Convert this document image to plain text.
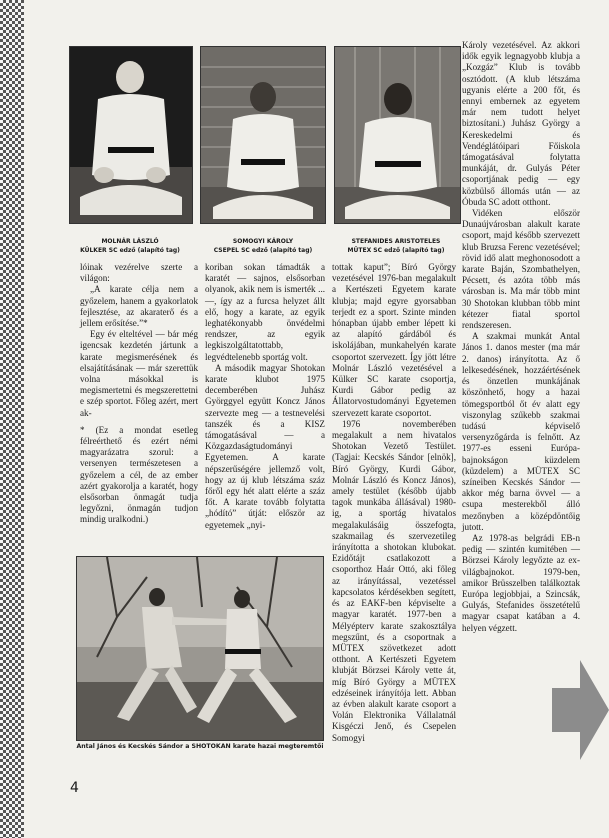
MOLNÁR LÁSZLÓ
KÜLKER SC edző (alapító tag)
SOMOGYI KÁROLY
CSEPEL SC edző (alapító tag)
STEFANIDES ARISTOTELES
MÜTEX SC edző (alapító tag)

lóinak vezérelve szerte a világon:

„A karate célja nem a győzelem, hanem a gyakorlatok fejlesztése, az akaraterő és a jellem erősítése.”*

Egy év elteltével — bár még igencsak kezdetén jártunk a karate megismerésének és elsajátításának — már szerettük volna másokkal is megismertetni és megszerettetni e szép sportot. Főleg azért, mert ak-

* (Ez a mondat esetleg félreérthető és ezért némi magyarázatra szorul: a versenyen természetesen a győzelem a cél, de az ember azért gyakorolja a karatét, hogy elsősorban önmagát tudja legyőzni, önmagán tudjon mindig uralkodni.)

koriban sokan támadták a karatét — sajnos, elsősorban olyanok, akik nem is ismerték ... —, így az a furcsa helyzet állt elő, hogy a karate, az egyik leghatékonyabb önvédelmi rendszer, az egyik legkiszolgáltatottabb, legvédtelenebb sportág volt.

A második magyar Shotokan karate klubot 1975 decemberében Juhász Györggyel együtt Koncz János szervezte meg — a testnevelési tanszék és a KISZ támogatásával — a Közgazdaságtudományi Egyetemen. A karate népszerűségére jellemző volt, hogy az új klub létszáma száz főről egy hét alatt elérte a száz főt. A karate tovább folytatta „hódító” útját: először az egyetemek „nyi-

Antal János és Kecskés Sándor a SHOTOKAN karate hazai megteremtői

tottak kaput”; Bíró György vezetésével 1976-ban megalakult a Kertészeti Egyetem karate klubja; majd egyre gyorsabban terjedt ez a sport. Szinte minden hónapban újabb ember lépett ki az alapító gárdából és iskolájában, munkahelyén karate csoportot szervezett. Így jött létre Molnár László vezetésével a Külker SC karate csoportja, Kurdi Gábor pedig az Állatorvostudományi Egyetemen szervezett karate csoportot.

1976 novemberében megalakult a nem hivatalos Shotokan Vezető Testület. (Tagjai: Kecskés Sándor [elnök], Bíró György, Kurdi Gábor, Molnár László és Koncz János), amely testület (később újabb tagok munkába állásával) 1980-ig, a sportág hivatalos megalakulásáig összefogta, szakmailag és szervezetileg irányította a shotokan klubokat. Ezidőtájt csatlakozott a csoporthoz Haár Ottó, aki főleg az irányítással, vezetéssel kapcsolatos kérdésekben segített, és az EAKF-ben képviselte a magyar karatét. 1977-ben a Mélyépterv karate szakosztálya megszűnt, és a csoportnak a MÜTEX szövetkezet adott otthont. A Kertészeti Egyetem klubját Börzsei Károly vette át, míg Bíró György a MÜTEX edzéseinek irányítója lett. Abban az évben alakult karate csoport a Volán Elektronika Vállalatnál Kisgéczi Jenő, és Csepelen Somogyi

Károly vezetésével. Az akkori idők egyik legnagyobb klubja a „Kozgáz” Klub is tovább osztódott. (A klub létszáma ugyanis elérte a 200 főt, és ennyi embernek az egyetem már nem tudott helyet biztosítani.) Juhász György a Kereskedelmi és Vendéglátóipari Főiskola támogatásával folytatta munkáját, dr. Gulyás Péter csoportjának pedig — egy közbülső állomás után — az Óbuda SC adott otthont.

Vidéken először Dunaújvárosban alakult karate csoport, majd később szervezett klub Bruzsa Ferenc vezetésével; rövid idő alatt meghonosodott a karate Baján, Szombathelyen, Pécsett, és azóta több más városban is. Ma már több mint 30 Shotokan klubban több mint kétezer fiatal sportol rendszeresen.

A szakmai munkát Antal János 1. danos mester (ma már 2. danos) irányította. Az ő lelkesedésének, hozzáértésének és önzetlen munkájának köszönhető, hogy a hazai tömegsportból őt év alatt egy viszonylag szűkebb szakmai tudású képviselő versenyzőgárda is felnőtt. Az 1977-es esseni Európa-bajnokságon küzdelem (küzdelem) a MÜTEX SC színeiben Kecskés Sándor — akkor még barna övvel — a csupa mesterekből álló mezőnyben a középdöntőig jutott.

Az 1978-as belgrádi EB-n pedig — szintén kumitében — Börzsei Károly legyőzte az ex-világbajnokot. 1979-ben, amikor Brüsszelben találkoztak Európa legjobbjai, a Szincsák, Gulyás, Stefanides összetételű magyar csapat katában a 4. helyen végzett.

4
